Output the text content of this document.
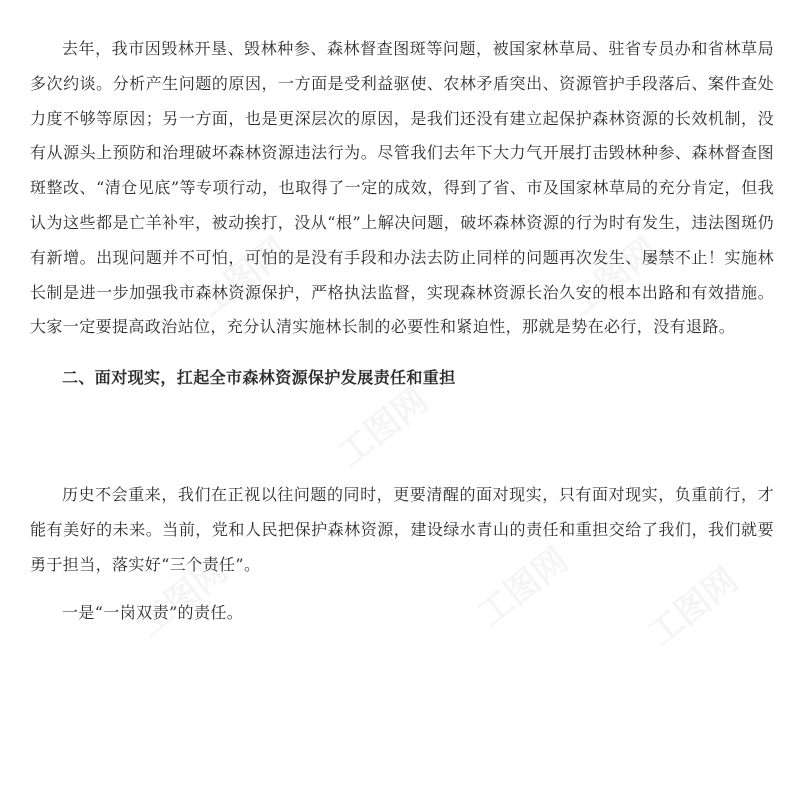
去年，我市因毁林开垦、毁林种参、森林督查图斑等问题，被国家林草局、驻省专员办和省林草局多次约谈。分析产生问题的原因，一方面是受利益驱使、农林矛盾突出、资源管护手段落后、案件查处力度不够等原因；另一方面，也是更深层次的原因，是我们还没有建立起保护森林资源的长效机制，没有从源头上预防和治理破坏森林资源违法行为。尽管我们去年下大力气开展打击毁林种参、森林督查图斑整改、“清仓见底”等专项行动，也取得了一定的成效，得到了省、市及国家林草局的充分肯定，但我认为这些都是亡羊补牢，被动挨打，没从“根”上解决问题，破坏森林资源的行为时有发生，违法图斑仍有新增。出现问题并不可怕，可怕的是没有手段和办法去防止同样的问题再次发生、屡禁不止！实施林长制是进一步加强我市森林资源保护，严格执法监督，实现森林资源长治久安的根本出路和有效措施。大家一定要提高政治站位，充分认清实施林长制的必要性和紧迫性，那就是势在必行，没有退路。

二、面对现实，扛起全市森林资源保护发展责任和重担

历史不会重来，我们在正视以往问题的同时，更要清醒的面对现实，只有面对现实，负重前行，才能有美好的未来。当前，党和人民把保护森林资源，建设绿水青山的责任和重担交给了我们，我们就要勇于担当，落实好“三个责任”。

一是“一岗双责”的责任。
